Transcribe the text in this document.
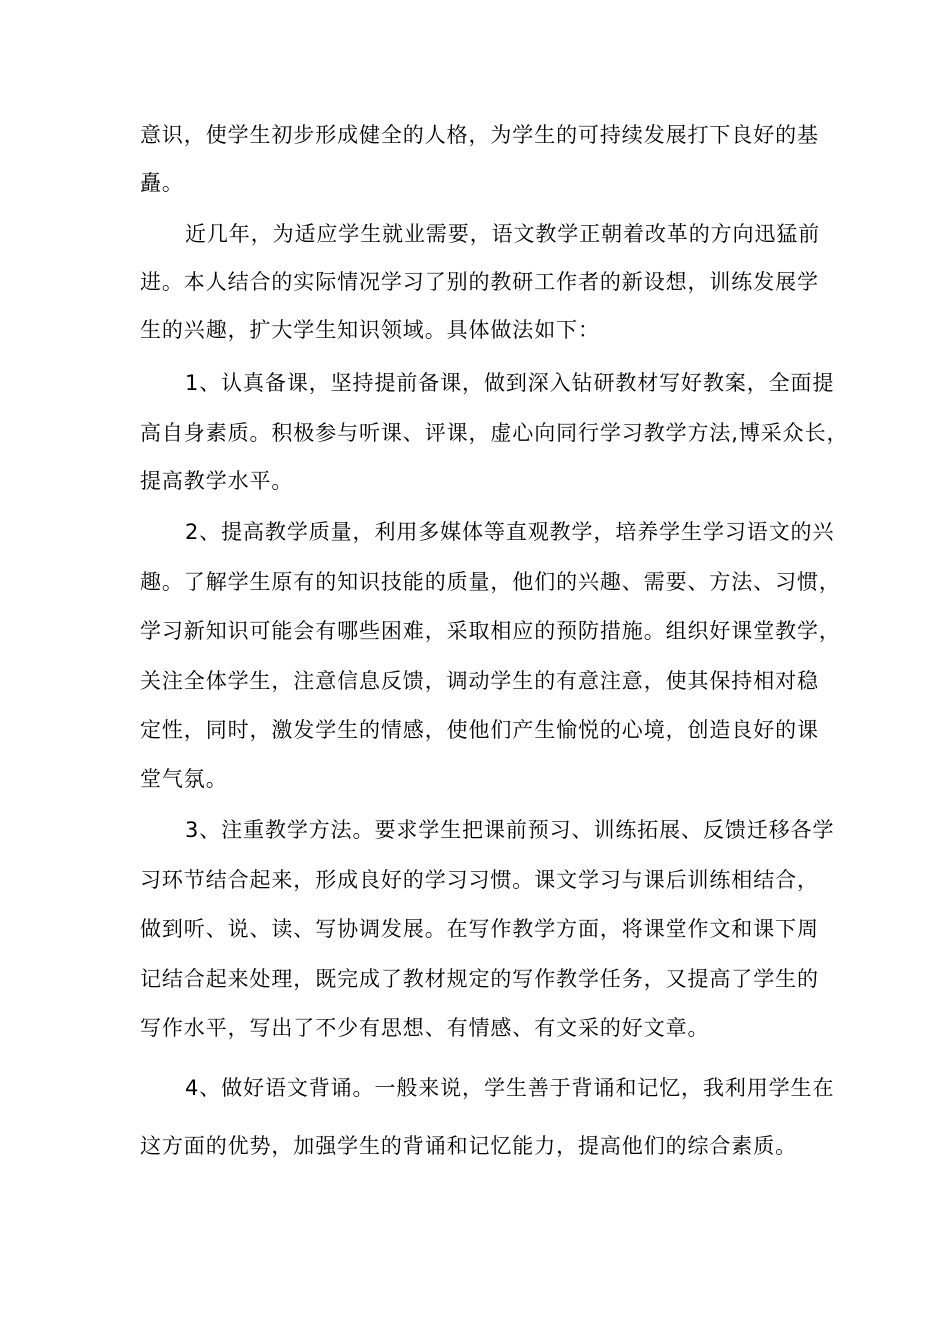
意识，使学生初步形成健全的人格，为学生的可持续发展打下良好的基
矗。
近几年，为适应学生就业需要，语文教学正朝着改革的方向迅猛前
进。本人结合的实际情况学习了别的教研工作者的新设想，训练发展学
生的兴趣，扩大学生知识领域。具体做法如下：
1、认真备课，坚持提前备课，做到深入钻研教材写好教案，全面提
高自身素质。积极参与听课、评课，虚心向同行学习教学方法,博采众长，
提高教学水平。
2、提高教学质量，利用多媒体等直观教学，培养学生学习语文的兴
趣。了解学生原有的知识技能的质量，他们的兴趣、需要、方法、习惯，
学习新知识可能会有哪些困难，采取相应的预防措施。组织好课堂教学，
关注全体学生，注意信息反馈，调动学生的有意注意，使其保持相对稳
定性，同时，激发学生的情感，使他们产生愉悦的心境，创造良好的课
堂气氛。
3、注重教学方法。要求学生把课前预习、训练拓展、反馈迁移各学
习环节结合起来，形成良好的学习习惯。课文学习与课后训练相结合，
做到听、说、读、写协调发展。在写作教学方面，将课堂作文和课下周
记结合起来处理，既完成了教材规定的写作教学任务，又提高了学生的
写作水平，写出了不少有思想、有情感、有文采的好文章。
4、做好语文背诵。一般来说，学生善于背诵和记忆，我利用学生在
这方面的优势，加强学生的背诵和记忆能力，提高他们的综合素质。
